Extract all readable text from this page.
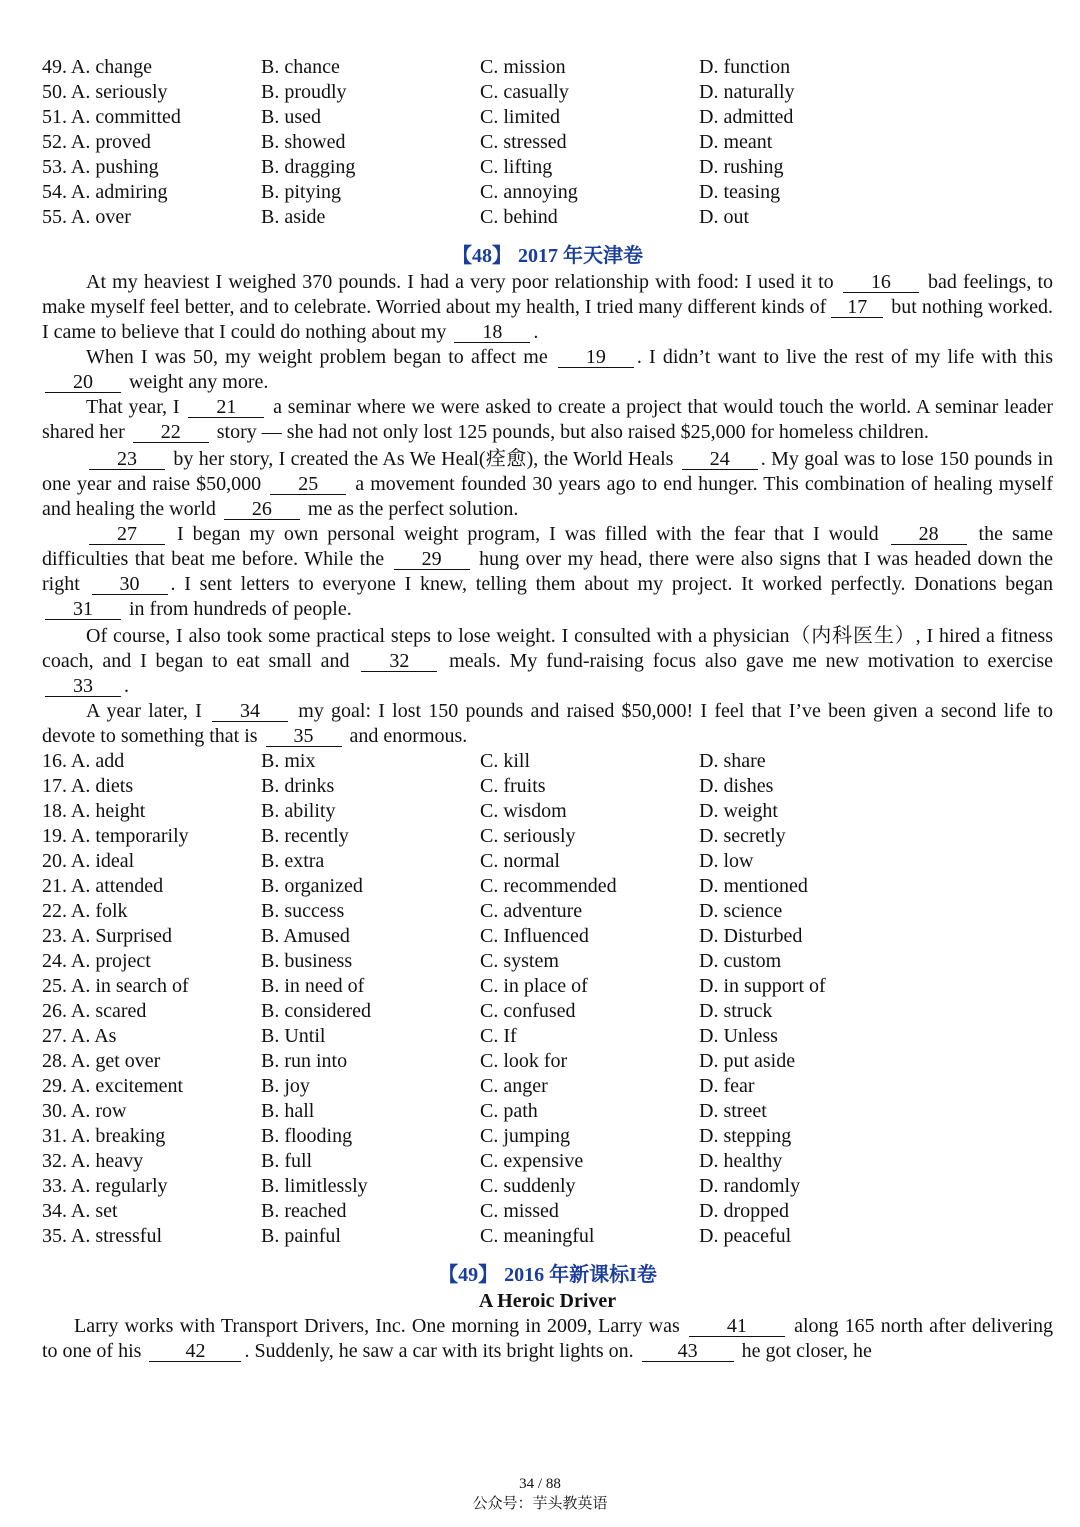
49. A. change	B. chance	C. mission	D. function
50. A. seriously	B. proudly	C. casually	D. naturally
51. A. committed	B. used	C. limited	D. admitted
52. A. proved	B. showed	C. stressed	D. meant
53. A. pushing	B. dragging	C. lifting	D. rushing
54. A. admiring	B. pitying	C. annoying	D. teasing
55. A. over	B. aside	C. behind	D. out
【48】 2017 年天津卷

At my heaviest I weighed 370 pounds. I had a very poor relationship with food: I used it to 16 bad feelings, to make myself feel better, and to celebrate. Worried about my health, I tried many different kinds of 17 but nothing worked. I came to believe that I could do nothing about my 18 .

When I was 50, my weight problem began to affect me 19 . I didn’t want to live the rest of my life with this 20 weight any more.

That year, I 21 a seminar where we were asked to create a project that would touch the world. A seminar leader shared her 22 story — she had not only lost 125 pounds, but also raised $25,000 for homeless children.

23 by her story, I created the As We Heal(痊愈), the World Heals 24 . My goal was to lose 150 pounds in one year and raise $50,000 25 a movement founded 30 years ago to end hunger. This combination of healing myself and healing the world 26 me as the perfect solution.

27 I began my own personal weight program, I was filled with the fear that I would 28 the same difficulties that beat me before. While the 29 hung over my head, there were also signs that I was headed down the right 30 . I sent letters to everyone I knew, telling them about my project. It worked perfectly. Donations began 31 in from hundreds of people.

Of course, I also took some practical steps to lose weight. I consulted with a physician（内科医生）, I hired a fitness coach, and I began to eat small and 32 meals. My fund-raising focus also gave me new motivation to exercise 33 .

A year later, I 34 my goal: I lost 150 pounds and raised $50,000! I feel that I’ve been given a second life to devote to something that is 35 and enormous.

16. A. add	B. mix	C. kill	D. share
17. A. diets	B. drinks	C. fruits	D. dishes
18. A. height	B. ability	C. wisdom	D. weight
19. A. temporarily	B. recently	C. seriously	D. secretly
20. A. ideal	B. extra	C. normal	D. low
21. A. attended	B. organized	C. recommended	D. mentioned
22. A. folk	B. success	C. adventure	D. science
23. A. Surprised	B. Amused	C. Influenced	D. Disturbed
24. A. project	B. business	C. system	D. custom
25. A. in search of	B. in need of	C. in place of	D. in support of
26. A. scared	B. considered	C. confused	D. struck
27. A. As	B. Until	C. If	D. Unless
28. A. get over	B. run into	C. look for	D. put aside
29. A. excitement	B. joy	C. anger	D. fear
30. A. row	B. hall	C. path	D. street
31. A. breaking	B. flooding	C. jumping	D. stepping
32. A. heavy	B. full	C. expensive	D. healthy
33. A. regularly	B. limitlessly	C. suddenly	D. randomly
34. A. set	B. reached	C. missed	D. dropped
35. A. stressful	B. painful	C. meaningful	D. peaceful
【49】 2016 年新课标I卷
A Heroic Driver

Larry works with Transport Drivers, Inc. One morning in 2009, Larry was 41 along 165 north after delivering to one of his 42 . Suddenly, he saw a car with its bright lights on. 43 he got closer, he

34 / 88
公众号：芋头教英语
